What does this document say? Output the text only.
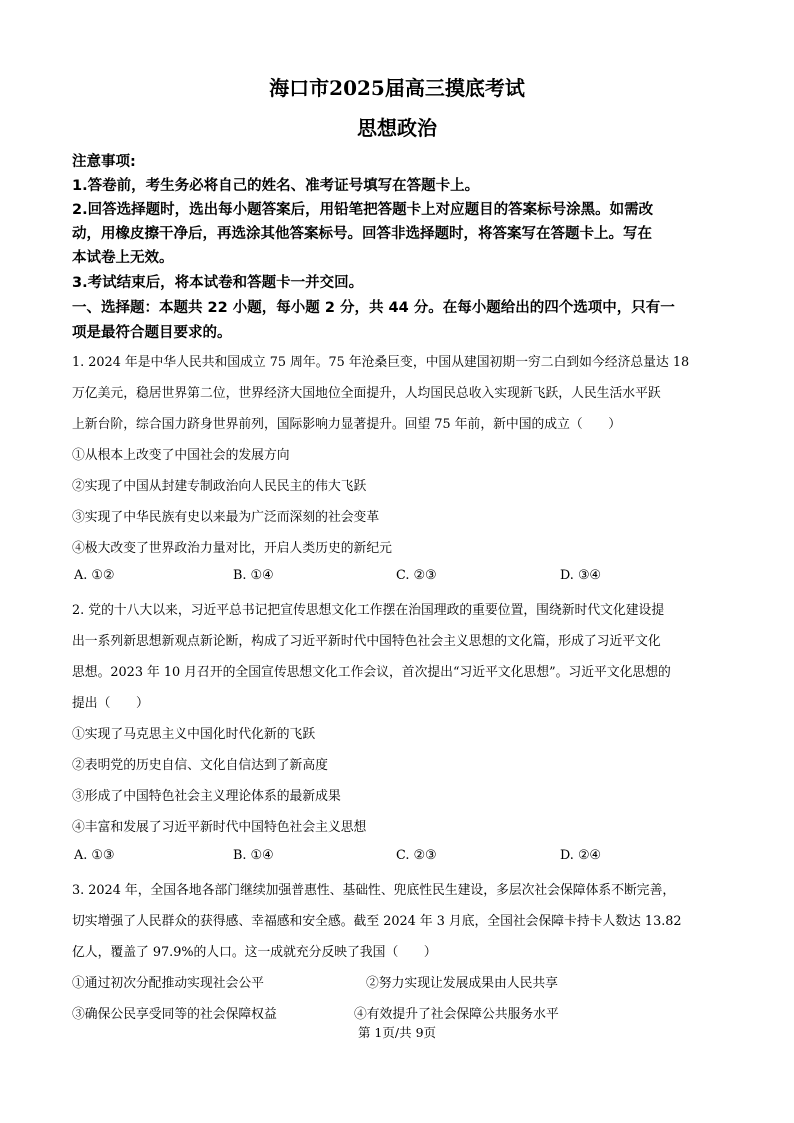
海口市2025届高三摸底考试
思想政治
注意事项:
1.答卷前，考生务必将自己的姓名、准考证号填写在答题卡上。
2.回答选择题时，选出每小题答案后，用铅笔把答题卡上对应题目的答案标号涂黑。如需改
动，用橡皮擦干净后，再选涂其他答案标号。回答非选择题时，将答案写在答题卡上。写在
本试卷上无效。
3.考试结束后，将本试卷和答题卡一并交回。
一、选择题：本题共 22 小题，每小题 2 分，共 44 分。在每小题给出的四个选项中，只有一
项是最符合题目要求的。
1. 2024 年是中华人民共和国成立 75 周年。75 年沧桑巨变，中国从建国初期一穷二白到如今经济总量达 18
万亿美元，稳居世界第二位，世界经济大国地位全面提升，人均国民总收入实现新飞跃，人民生活水平跃
上新台阶，综合国力跻身世界前列，国际影响力显著提升。回望 75 年前，新中国的成立（　　）
①从根本上改变了中国社会的发展方向
②实现了中国从封建专制政治向人民民主的伟大飞跃
③实现了中华民族有史以来最为广泛而深刻的社会变革
④极大改变了世界政治力量对比，开启人类历史的新纪元
A. ①②	B. ①④	C. ②③	D. ③④
2. 党的十八大以来，习近平总书记把宣传思想文化工作摆在治国理政的重要位置，围绕新时代文化建设提
出一系列新思想新观点新论断，构成了习近平新时代中国特色社会主义思想的文化篇，形成了习近平文化
思想。2023 年 10 月召开的全国宣传思想文化工作会议，首次提出“习近平文化思想”。习近平文化思想的
提出（　　）
①实现了马克思主义中国化时代化新的飞跃
②表明党的历史自信、文化自信达到了新高度
③形成了中国特色社会主义理论体系的最新成果
④丰富和发展了习近平新时代中国特色社会主义思想
A. ①③	B. ①④	C. ②③	D. ②④
3. 2024 年，全国各地各部门继续加强普惠性、基础性、兜底性民生建设，多层次社会保障体系不断完善，
切实增强了人民群众的获得感、幸福感和安全感。截至 2024 年 3 月底，全国社会保障卡持卡人数达 13.82
亿人，覆盖了 97.9%的人口。这一成就充分反映了我国（　　）
①通过初次分配推动实现社会公平	②努力实现让发展成果由人民共享
③确保公民享受同等的社会保障权益	④有效提升了社会保障公共服务水平
第 1页/共 9页
